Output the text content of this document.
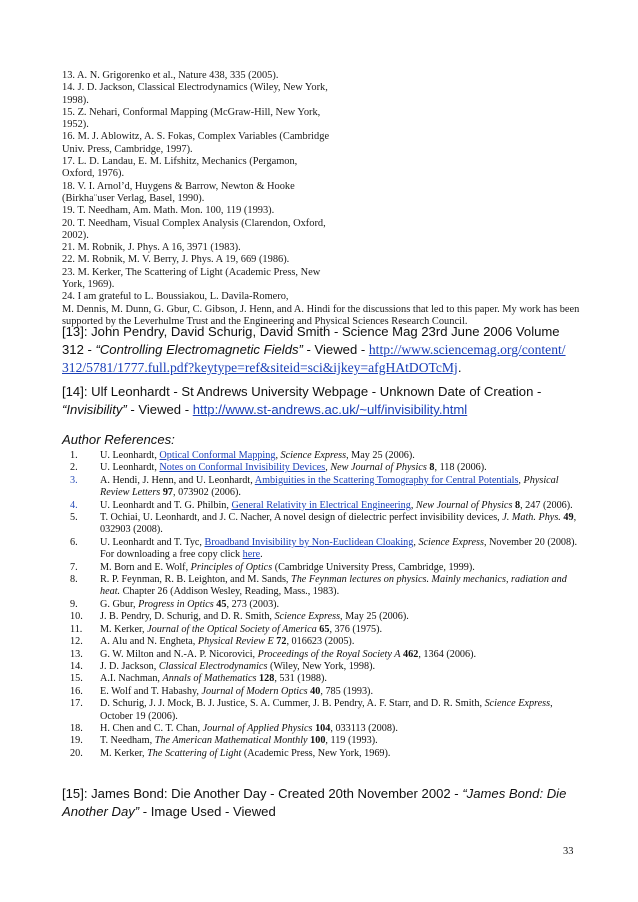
13. A. N. Grigorenko et al., Nature 438, 335 (2005).
14. J. D. Jackson, Classical Electrodynamics (Wiley, New York,
1998).
15. Z. Nehari, Conformal Mapping (McGraw-Hill, New York,
1952).
16. M. J. Ablowitz, A. S. Fokas, Complex Variables (Cambridge
Univ. Press, Cambridge, 1997).
17. L. D. Landau, E. M. Lifshitz, Mechanics (Pergamon,
Oxford, 1976).
18. V. I. Arnol’d, Huygens & Barrow, Newton & Hooke
(Birkha¨user Verlag, Basel, 1990).
19. T. Needham, Am. Math. Mon. 100, 119 (1993).
20. T. Needham, Visual Complex Analysis (Clarendon, Oxford,
2002).
21. M. Robnik, J. Phys. A 16, 3971 (1983).
22. M. Robnik, M. V. Berry, J. Phys. A 19, 669 (1986).
23. M. Kerker, The Scattering of Light (Academic Press, New
York, 1969).
24. I am grateful to L. Boussiakou, L. Davila-Romero,
M. Dennis, M. Dunn, G. Gbur, C. Gibson, J. Henn, and A. Hindi for the discussions that led to this paper. My work has been supported by the Leverhulme Trust and the Engineering and Physical Sciences Research Council.
[13]: John Pendry, David Schurig, David Smith - Science Mag 23rd June 2006 Volume 312 - “Controlling Electromagnetic Fields” - Viewed - http://www.sciencemag.org/content/
312/5781/1777.full.pdf?keytype=ref&siteid=sci&ijkey=afgHAtDOTcMj.
[14]: Ulf Leonhardt - St Andrews University Webpage - Unknown Date of Creation - “Invisibility” - Viewed - http://www.st-andrews.ac.uk/~ulf/invisibility.html
Author References:
1.	U. Leonhardt, Optical Conformal Mapping, Science Express, May 25 (2006).
2.	U. Leonhardt, Notes on Conformal Invisibility Devices, New Journal of Physics 8, 118 (2006).
3.	A. Hendi, J. Henn, and U. Leonhardt, Ambiguities in the Scattering Tomography for Central Potentials, Physical Review Letters 97, 073902 (2006).
4.	U. Leonhardt and T. G. Philbin, General Relativity in Electrical Engineering, New Journal of Physics 8, 247 (2006).
5.	T. Ochiai, U. Leonhardt, and J. C. Nacher, A novel design of dielectric perfect invisibility devices, J. Math. Phys. 49, 032903 (2008).
6.	U. Leonhardt and T. Tyc, Broadband Invisibility by Non-Euclidean Cloaking, Science Express, November 20 (2008). For downloading a free copy click here.
7.	M. Born and E. Wolf, Principles of Optics (Cambridge University Press, Cambridge, 1999).
8.	R. P. Feynman, R. B. Leighton, and M. Sands, The Feynman lectures on physics. Mainly mechanics, radiation and heat. Chapter 26 (Addison Wesley, Reading, Mass., 1983).
9.	G. Gbur, Progress in Optics 45, 273 (2003).
10.	J. B. Pendry, D. Schurig, and D. R. Smith, Science Express, May 25 (2006).
11.	M. Kerker, Journal of the Optical Society of America 65, 376 (1975).
12.	A. Alu and N. Engheta, Physical Review E 72, 016623 (2005).
13.	G. W. Milton and N.-A. P. Nicorovici, Proceedings of the Royal Society A 462, 1364 (2006).
14.	J. D. Jackson, Classical Electrodynamics (Wiley, New York, 1998).
15.	A.I. Nachman, Annals of Mathematics 128, 531 (1988).
16.	E. Wolf and T. Habashy, Journal of Modern Optics 40, 785 (1993).
17.	D. Schurig, J. J. Mock, B. J. Justice, S. A. Cummer, J. B. Pendry, A. F. Starr, and D. R. Smith, Science Express, October 19 (2006).
18.	H. Chen and C. T. Chan, Journal of Applied Physics 104, 033113 (2008).
19.	T. Needham, The American Mathematical Monthly 100, 119 (1993).
20.	M. Kerker, The Scattering of Light (Academic Press, New York, 1969).
[15]: James Bond: Die Another Day - Created 20th November 2002 - “James Bond: Die Another Day” - Image Used - Viewed
33
